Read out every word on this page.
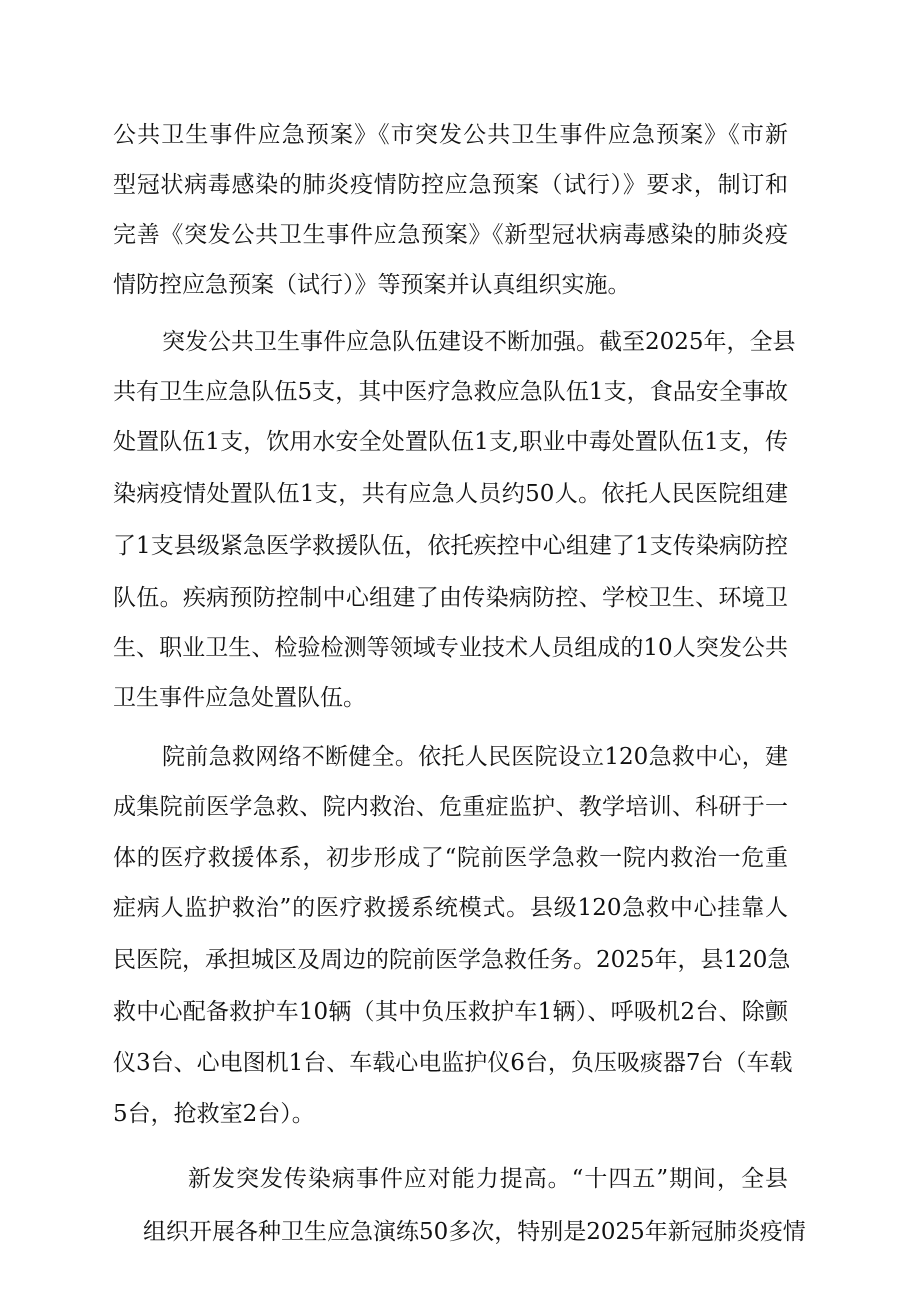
公共卫生事件应急预案》《市突发公共卫生事件应急预案》《市新
型冠状病毒感染的肺炎疫情防控应急预案（试行）》要求，制订和
完善《突发公共卫生事件应急预案》《新型冠状病毒感染的肺炎疫
情防控应急预案（试行）》等预案并认真组织实施。
突发公共卫生事件应急队伍建设不断加强。截至2025年，全县
共有卫生应急队伍5支，其中医疗急救应急队伍1支，食品安全事故
处置队伍1支，饮用水安全处置队伍1支,职业中毒处置队伍1支，传
染病疫情处置队伍1支，共有应急人员约50人。依托人民医院组建
了1支县级紧急医学救援队伍，依托疾控中心组建了1支传染病防控
队伍。疾病预防控制中心组建了由传染病防控、学校卫生、环境卫
生、职业卫生、检验检测等领域专业技术人员组成的10人突发公共
卫生事件应急处置队伍。
院前急救网络不断健全。依托人民医院设立120急救中心，建
成集院前医学急救、院内救治、危重症监护、教学培训、科研于一
体的医疗救援体系，初步形成了“院前医学急救一院内救治一危重
症病人监护救治”的医疗救援系统模式。县级120急救中心挂靠人
民医院，承担城区及周边的院前医学急救任务。2025年，县120急
救中心配备救护车10辆（其中负压救护车1辆）、呼吸机2台、除颤
仪3台、心电图机1台、车载心电监护仪6台，负压吸痰器7台（车载
5台，抢救室2台）。
新发突发传染病事件应对能力提高。“十四五”期间，全县
组织开展各种卫生应急演练50多次，特别是2025年新冠肺炎疫情
